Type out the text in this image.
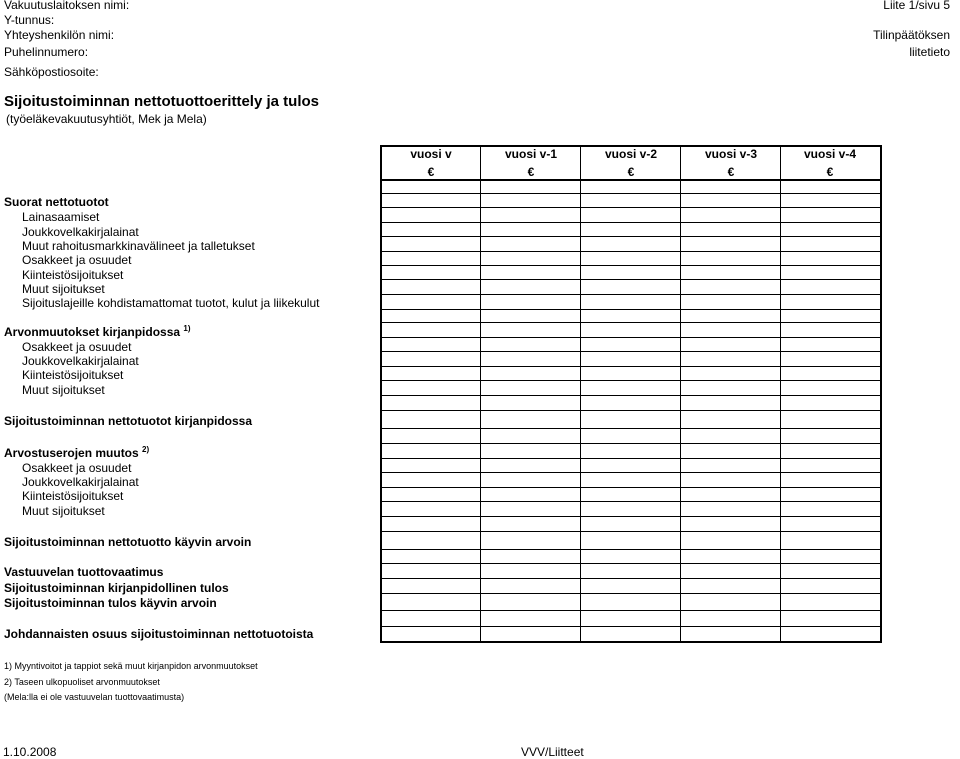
Vakuutuslaitoksen nimi:
Y-tunnus:
Yhteyshenkilön nimi:
Puhelinnumero:
Sähköpostiosoite:
Liite 1/sivu 5
Tilinpäätöksen
liitetieto
Sijoitustoiminnan nettotuottoerittely ja tulos
(työeläkevakuutusyhtiöt, Mek ja Mela)
vuosi v	vuosi v-1	vuosi v-2	vuosi v-3	vuosi v-4
€	€	€	€	€
Suorat nettotuotot
Lainasaamiset
Joukkovelkakirjalainat
Muut rahoitusmarkkinavälineet ja talletukset
Osakkeet ja osuudet
Kiinteistösijoitukset
Muut sijoitukset
Sijoituslajeille kohdistamattomat tuotot, kulut ja liikekulut
Arvonmuutokset kirjanpidossa $^{1)}$
Osakkeet ja osuudet
Joukkovelkakirjalainat
Kiinteistösijoitukset
Muut sijoitukset
Sijoitustoiminnan nettotuotot kirjanpidossa
Arvostuserojen muutos $^{2)}$
Osakkeet ja osuudet
Joukkovelkakirjalainat
Kiinteistösijoitukset
Muut sijoitukset
Sijoitustoiminnan nettotuotto käyvin arvoin
Vastuuvelan tuottovaatimus
Sijoitustoiminnan kirjanpidollinen tulos
Sijoitustoiminnan tulos käyvin arvoin
Johdannaisten osuus sijoitustoiminnan nettotuotoista
1) Myyntivoitot ja tappiot sekä muut kirjanpidon arvonmuutokset
2) Taseen ulkopuoliset arvonmuutokset
(Mela:lla ei ole vastuuvelan tuottovaatimusta)
1.10.2008	VVV/Liitteet
